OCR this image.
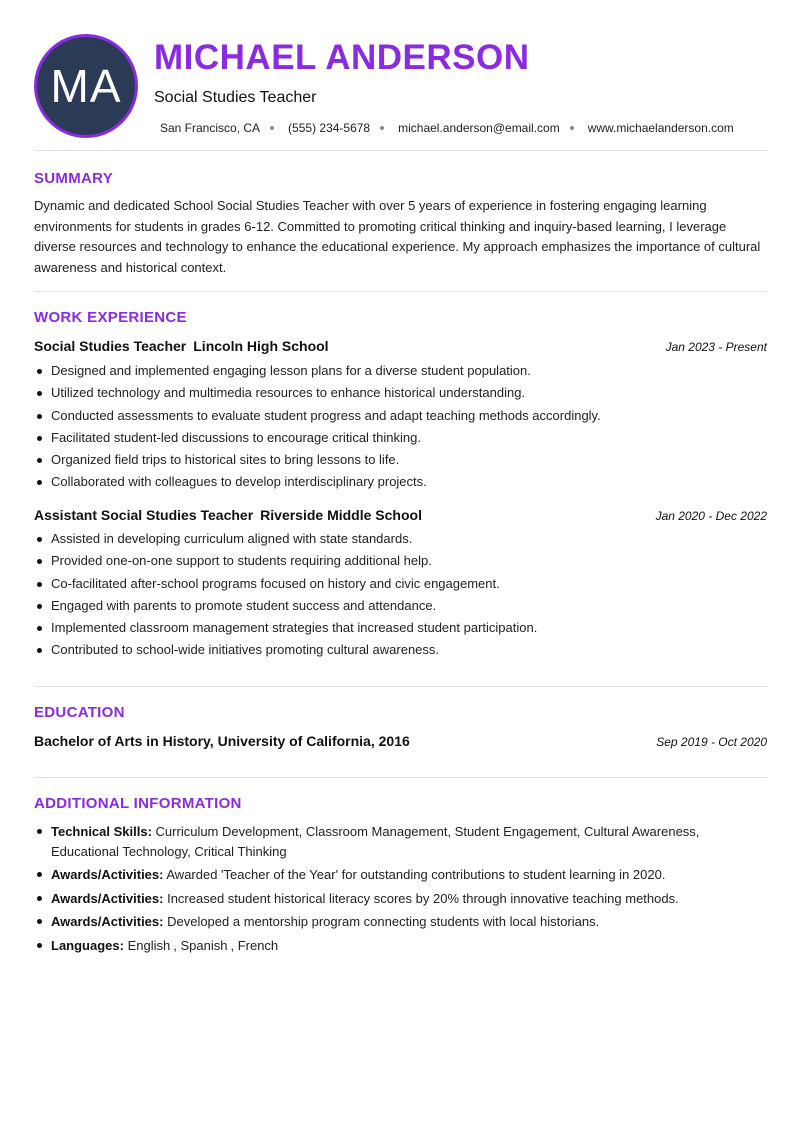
MA
MICHAEL ANDERSON
Social Studies Teacher
San Francisco, CA (555) 234-5678 michael.anderson@email.com www.michaelanderson.com
SUMMARY
Dynamic and dedicated School Social Studies Teacher with over 5 years of experience in fostering engaging learning environments for students in grades 6-12. Committed to promoting critical thinking and inquiry-based learning, I leverage diverse resources and technology to enhance the educational experience. My approach emphasizes the importance of cultural awareness and historical context.
WORK EXPERIENCE
Social Studies Teacher Lincoln High School	Jan 2023 - Present
Designed and implemented engaging lesson plans for a diverse student population.
Utilized technology and multimedia resources to enhance historical understanding.
Conducted assessments to evaluate student progress and adapt teaching methods accordingly.
Facilitated student-led discussions to encourage critical thinking.
Organized field trips to historical sites to bring lessons to life.
Collaborated with colleagues to develop interdisciplinary projects.
Assistant Social Studies Teacher Riverside Middle School	Jan 2020 - Dec 2022
Assisted in developing curriculum aligned with state standards.
Provided one-on-one support to students requiring additional help.
Co-facilitated after-school programs focused on history and civic engagement.
Engaged with parents to promote student success and attendance.
Implemented classroom management strategies that increased student participation.
Contributed to school-wide initiatives promoting cultural awareness.
EDUCATION
Bachelor of Arts in History, University of California, 2016	Sep 2019 - Oct 2020
ADDITIONAL INFORMATION
Technical Skills: Curriculum Development, Classroom Management, Student Engagement, Cultural Awareness, Educational Technology, Critical Thinking
Awards/Activities: Awarded 'Teacher of the Year' for outstanding contributions to student learning in 2020.
Awards/Activities: Increased student historical literacy scores by 20% through innovative teaching methods.
Awards/Activities: Developed a mentorship program connecting students with local historians.
Languages: English , Spanish , French
